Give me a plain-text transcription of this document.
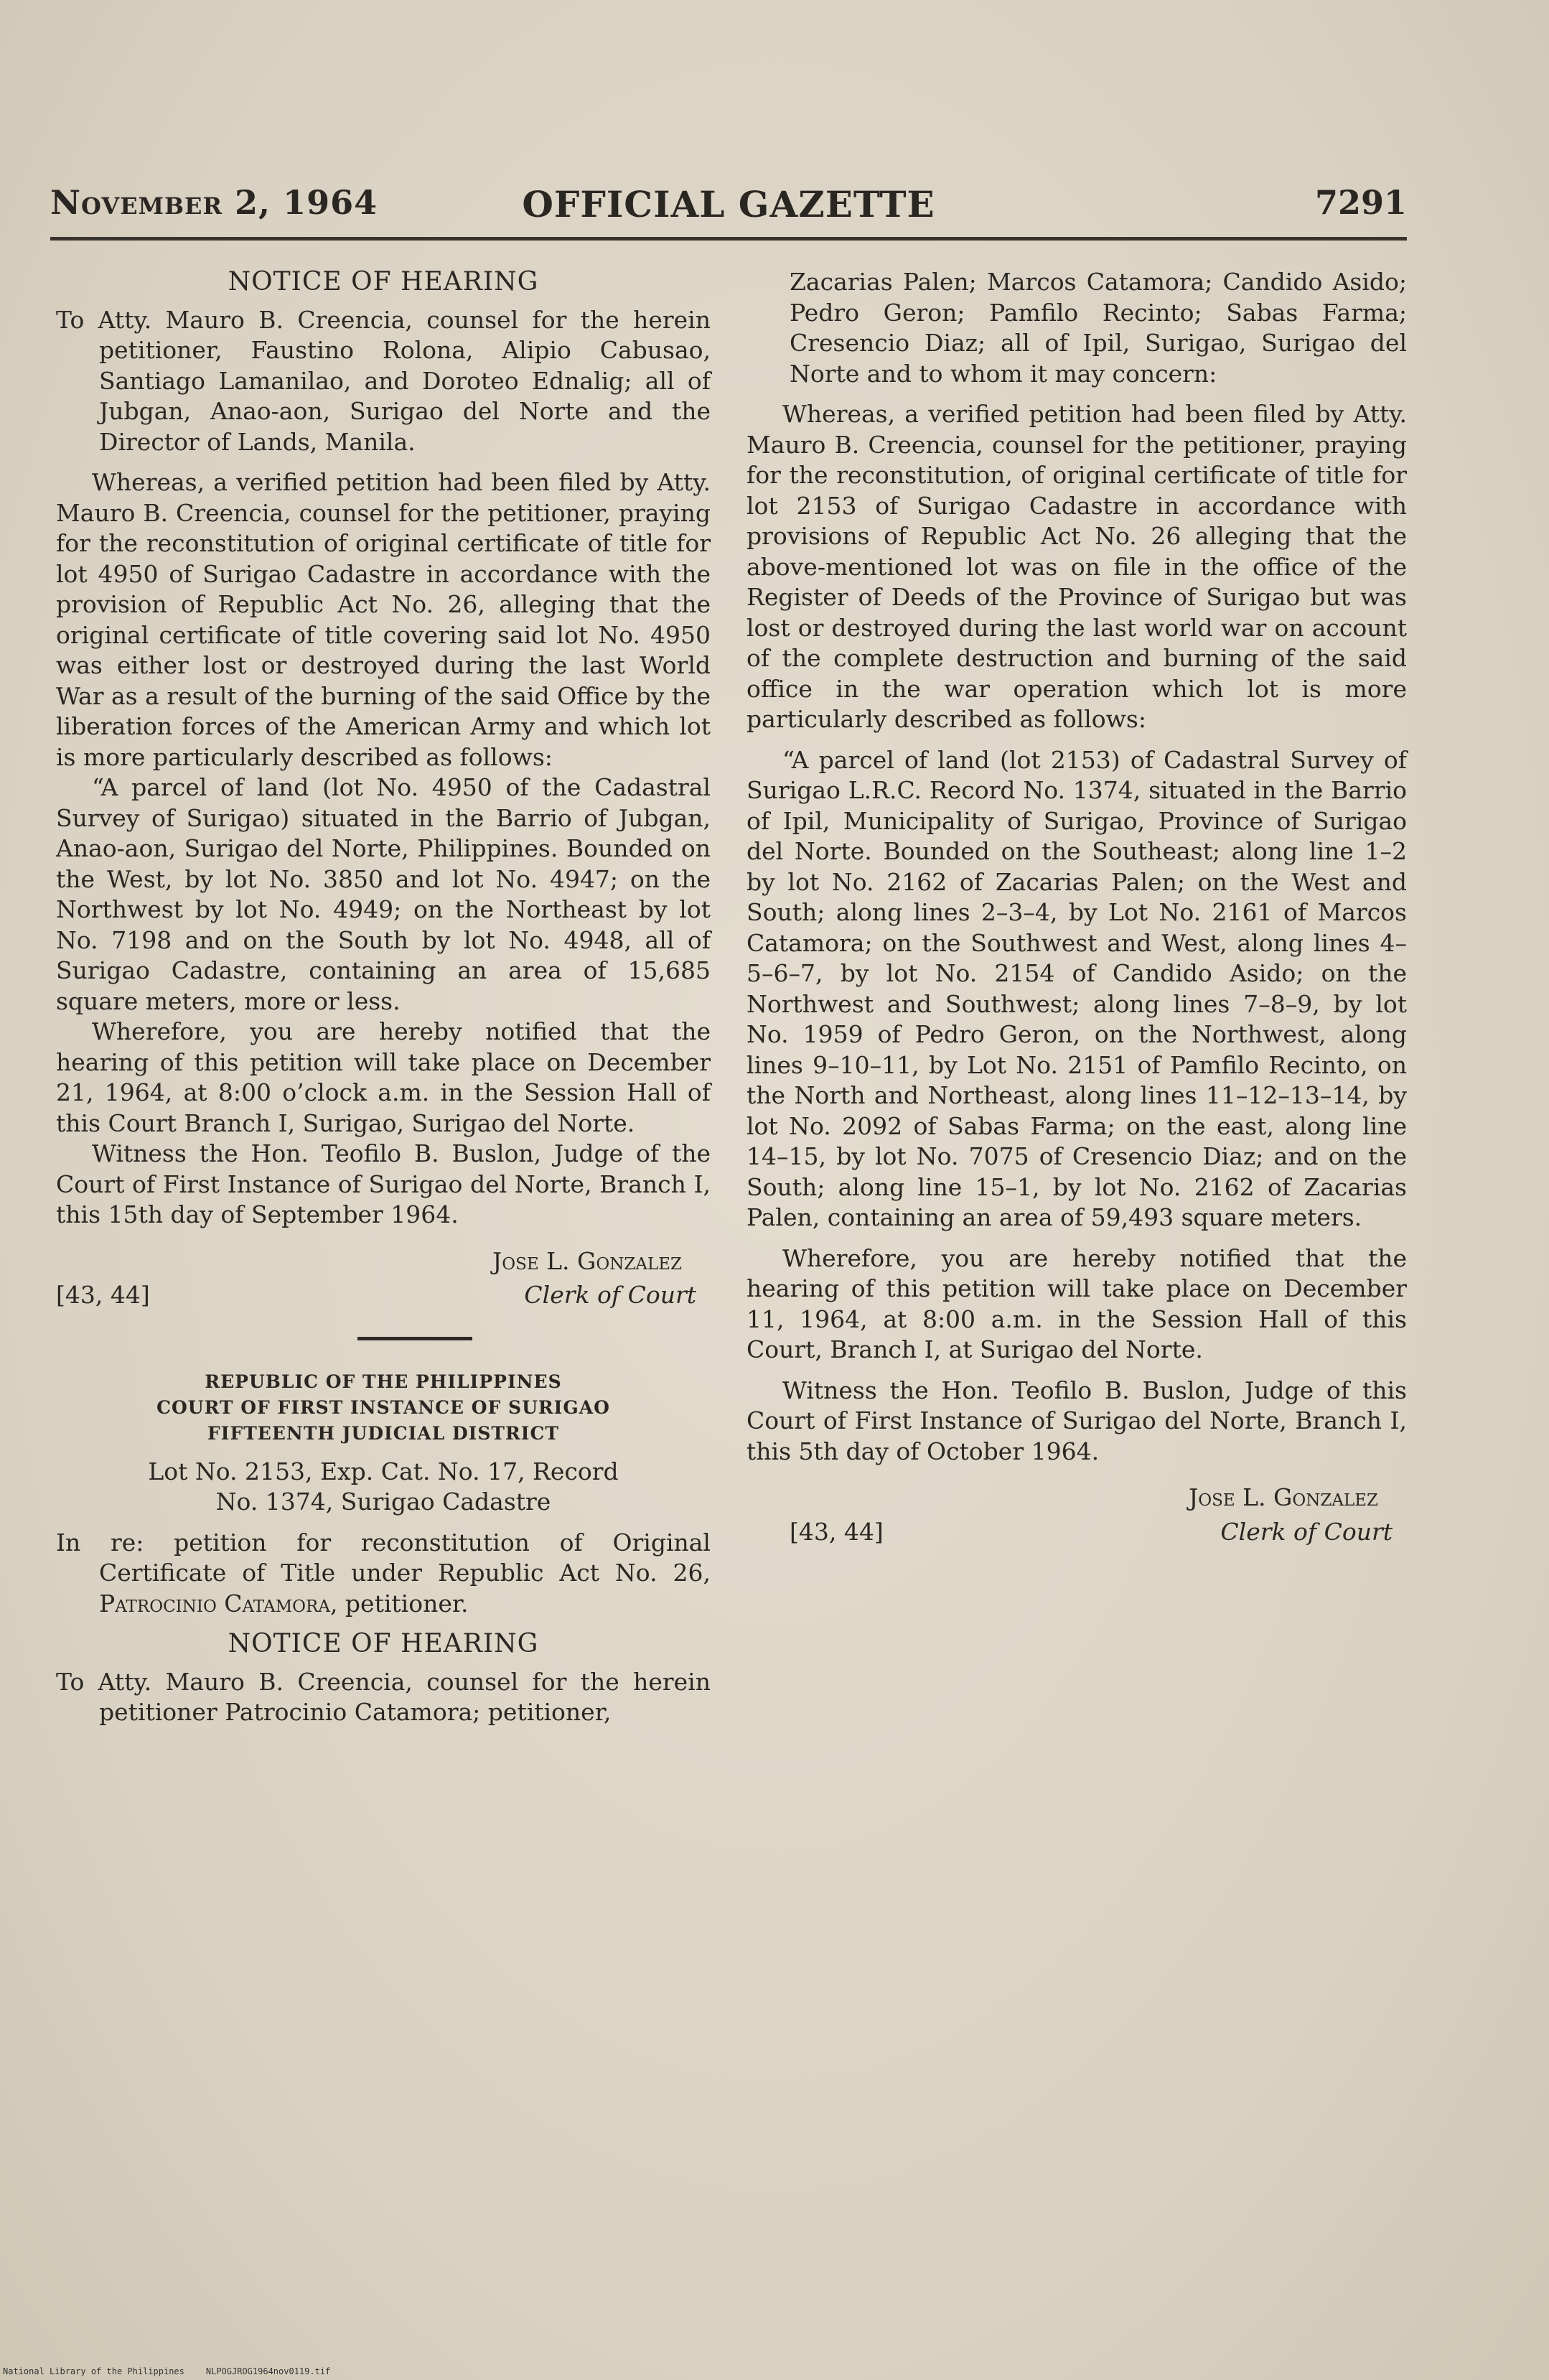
November 2, 1964	OFFICIAL GAZETTE	7291

NOTICE OF HEARING

To Atty. Mauro B. Creencia, counsel for the herein petitioner, Faustino Rolona, Alipio Cabusao, Santiago Lamanilao, and Doroteo Ednalig; all of Jubgan, Anao-aon, Surigao del Norte and the Director of Lands, Manila.

Whereas, a verified petition had been filed by Atty. Mauro B. Creencia, counsel for the petitioner, praying for the reconstitution of original certificate of title for lot 4950 of Surigao Cadastre in accordance with the provision of Republic Act No. 26, alleging that the original certificate of title covering said lot No. 4950 was either lost or destroyed during the last World War as a result of the burning of the said Office by the liberation forces of the American Army and which lot is more particularly described as follows:

“A parcel of land (lot No. 4950 of the Cadastral Survey of Surigao) situated in the Barrio of Jubgan, Anao-aon, Surigao del Norte, Philippines. Bounded on the West, by lot No. 3850 and lot No. 4947; on the Northwest by lot No. 4949; on the Northeast by lot No. 7198 and on the South by lot No. 4948, all of Surigao Cadastre, containing an area of 15,685 square meters, more or less.

Wherefore, you are hereby notified that the hearing of this petition will take place on December 21, 1964, at 8:00 o’clock a.m. in the Session Hall of this Court Branch I, Surigao, Surigao del Norte.

Witness the Hon. Teofilo B. Buslon, Judge of the Court of First Instance of Surigao del Norte, Branch I, this 15th day of September 1964.

[43, 44]
Jose L. Gonzalez
Clerk of Court

REPUBLIC OF THE PHILIPPINES

COURT OF FIRST INSTANCE OF SURIGAO

FIFTEENTH JUDICIAL DISTRICT

Lot No. 2153, Exp. Cat. No. 17, Record

No. 1374, Surigao Cadastre

In re: petition for reconstitution of Original Certificate of Title under Republic Act No. 26, Patrocinio Catamora, petitioner.

NOTICE OF HEARING

To Atty. Mauro B. Creencia, counsel for the herein petitioner Patrocinio Catamora; petitioner,

Zacarias Palen; Marcos Catamora; Candido Asido; Pedro Geron; Pamfilo Recinto; Sabas Farma; Cresencio Diaz; all of Ipil, Surigao, Surigao del Norte and to whom it may concern:

Whereas, a verified petition had been filed by Atty. Mauro B. Creencia, counsel for the petitioner, praying for the reconstitution, of original certificate of title for lot 2153 of Surigao Cadastre in accordance with provisions of Republic Act No. 26 alleging that the above-mentioned lot was on file in the office of the Register of Deeds of the Province of Surigao but was lost or destroyed during the last world war on account of the complete destruction and burning of the said office in the war operation which lot is more particularly described as follows:

“A parcel of land (lot 2153) of Cadastral Survey of Surigao L.R.C. Record No. 1374, situated in the Barrio of Ipil, Municipality of Surigao, Province of Surigao del Norte. Bounded on the Southeast; along line 1–2 by lot No. 2162 of Zacarias Palen; on the West and South; along lines 2–3–4, by Lot No. 2161 of Marcos Catamora; on the Southwest and West, along lines 4–5–6–7, by lot No. 2154 of Candido Asido; on the Northwest and Southwest; along lines 7–8–9, by lot No. 1959 of Pedro Geron, on the Northwest, along lines 9–10–11, by Lot No. 2151 of Pamfilo Recinto, on the North and Northeast, along lines 11–12–13–14, by lot No. 2092 of Sabas Farma; on the east, along line 14–15, by lot No. 7075 of Cresencio Diaz; and on the South; along line 15–1, by lot No. 2162 of Zacarias Palen, containing an area of 59,493 square meters.

Wherefore, you are hereby notified that the hearing of this petition will take place on December 11, 1964, at 8:00 a.m. in the Session Hall of this Court, Branch I, at Surigao del Norte.

Witness the Hon. Teofilo B. Buslon, Judge of this Court of First Instance of Surigao del Norte, Branch I, this 5th day of October 1964.

[43, 44]
Jose L. Gonzalez
Clerk of Court
National Library of the Philippines	NLPOGJROG1964nov0119.tif
